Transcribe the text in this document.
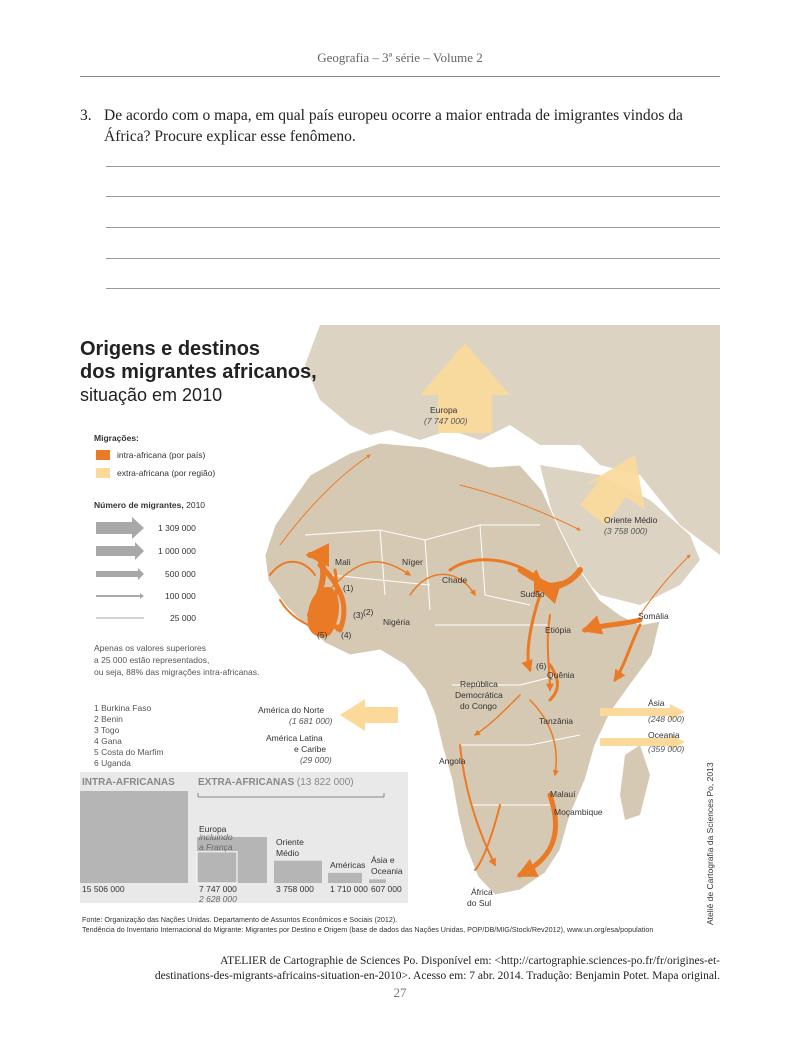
Geografia – 3ª série – Volume 2
3. De acordo com o mapa, em qual país europeu ocorre a maior entrada de imigrantes vindos da África? Procure explicar esse fenômeno.
Origens e destinos
dos migrantes africanos,
situação em 2010
Migrações:
intra-africana (por país)
extra-africana (por região)
Número de migrantes, 2010
1 309 000
1 000 000
500 000
100 000
25 000
Apenas os valores superiores
a 25 000 estão representados,
ou seja, 88% das migrações intra-africanas.
1 Burkina Faso
2 Benin
3 Togo
4 Gana
5 Costa do Marfim
6 Uganda
Europa
(7 747 000)
Oriente Médio
(3 758 000)
América do Norte
(1 681 000)
América Latina
e Caribe
(29 000)
Ásia
(248 000)
Oceania
(359 000)
Mali	Níger
Chade
Sudão
Somália
Etiópia
Nigéria
Quênia
República
Democrática
do Congo
Tanzânia
Angola
Malauí
Moçambique
África
do Sul
(1)
(2)
(3)
(4)
(5)
(6)
INTRA-AFRICANAS EXTRA-AFRICANAS (13 822 000)
15 506 000	7 747 000
Europa
3 758 000
Oriente
Médio
1 710 000
Américas
607 000
Ásia e
Oceania
incluindo
a França
2 628 000	Ateliê de Cartografia da Sciences Po, 2013
Fonte: Organização das Nações Unidas. Departamento de Assuntos Econômicos e Sociais (2012).
Tendência do Inventario Internacional do Migrante: Migrantes por Destino e Origem (base de dados das Nações Unidas, POP/DB/MIG/Stock/Rev2012), www.un.org/esa/population
ATELIER de Cartographie de Sciences Po. Disponível em: <http://cartographie.sciences-po.fr/fr/origines-et-
destinations-des-migrants-africains-situation-en-2010>. Acesso em: 7 abr. 2014. Tradução: Benjamin Potet. Mapa original.
27
